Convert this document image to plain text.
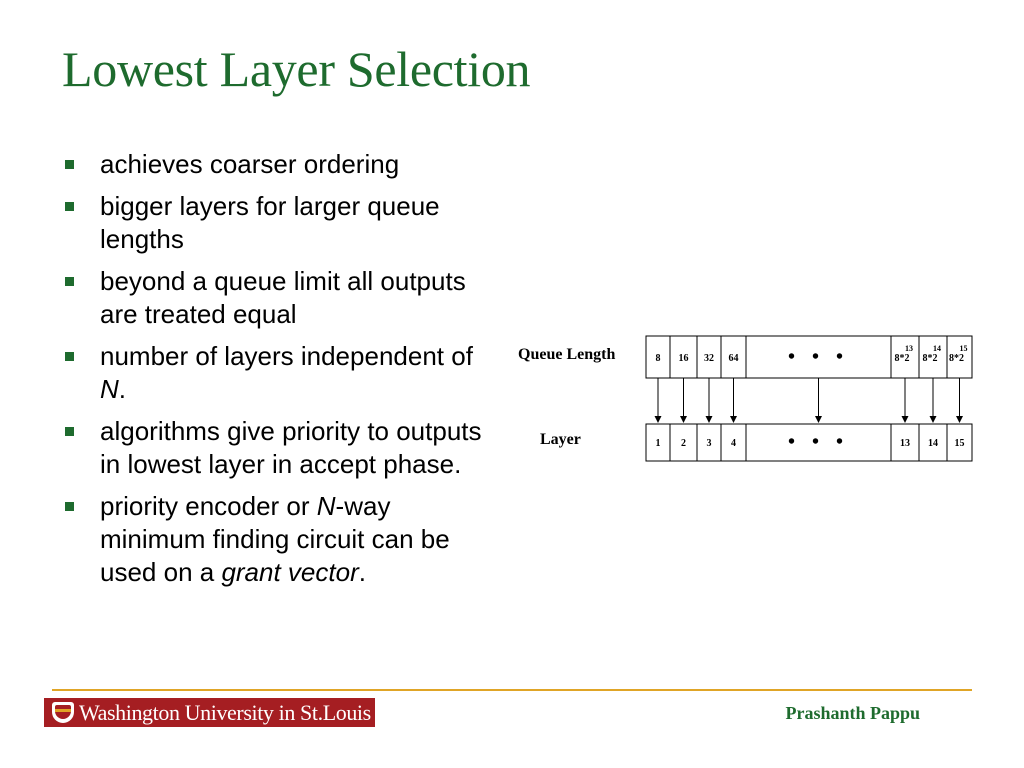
Lowest Layer Selection
achieves coarser ordering
bigger layers for larger queue lengths
beyond a queue limit all outputs are treated equal
number of layers independent of N.
algorithms give priority to outputs in lowest layer in accept phase.
priority encoder or N-way minimum finding circuit can be used on a grant vector.
Queue Length
Layer
8
1
16
2
32
3
64
4
8*2
13
13
8*2
14
14
8*2
15
15
• • •
• • •
Washington University in St.Louis	Prashanth Pappu
